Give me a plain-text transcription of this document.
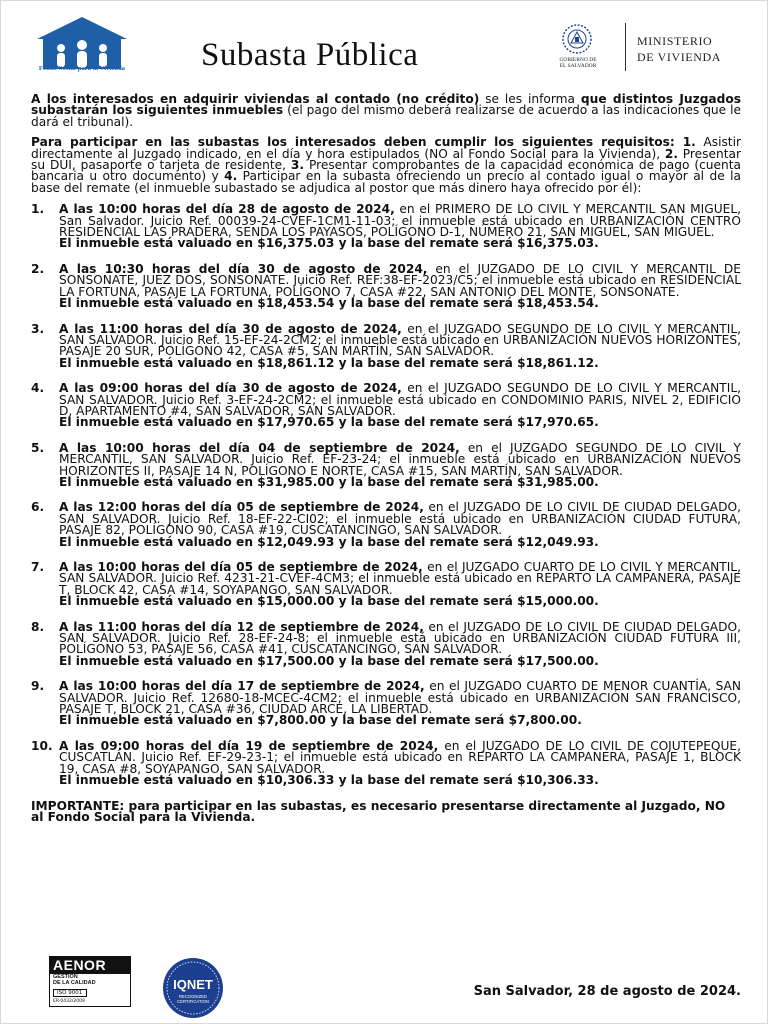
Fondo Social para la Vivienda	Subasta Pública	GOBIERNO DE
EL SALVADOR
MINISTERIO
DE VIVIENDA

A los interesados en adquirir viviendas al contado (no crédito) se les informa que distintos Juzgados subastarán los siguientes inmuebles (el pago del mismo deberá realizarse de acuerdo a las indicaciones que le dará el tribunal).

Para participar en las subastas los interesados deben cumplir los siguientes requisitos: 1. Asistir directamente al Juzgado indicado, en el día y hora estipulados (NO al Fondo Social para la Vivienda), 2. Presentar su DUI, pasaporte o tarjeta de residente, 3. Presentar comprobantes de la capacidad económica de pago (cuenta bancaria u otro documento) y 4. Participar en la subasta ofreciendo un precio al contado igual o mayor al de la base del remate (el inmueble subastado se adjudica al postor que más dinero haya ofrecido por él):

1.	A las 10:00 horas del día 28 de agosto de 2024, en el PRIMERO DE LO CIVIL Y MERCANTIL SAN MIGUEL, San Salvador. Juicio Ref. 00039-24-CVEF-1CM1-11-03; el inmueble está ubicado en URBANIZACIÓN CENTRO RESIDENCIAL LAS PRADERA, SENDA LOS PAYASOS, POLÍGONO D-1, NÚMERO 21, SAN MIGUEL, SAN MIGUEL.
El inmueble está valuado en $16,375.03 y la base del remate será $16,375.03.
2.	A las 10:30 horas del día 30 de agosto de 2024, en el JUZGADO DE LO CIVIL Y MERCANTIL DE SONSONATE, JUEZ DOS, SONSONATE. Juicio Ref. REF:38-EF-2023/C5; el inmueble está ubicado en RESIDENCIAL LA FORTUNA, PASAJE LA FORTUNA, POLÍGONO 7, CASA #22, SAN ANTONIO DEL MONTE, SONSONATE.
El inmueble está valuado en $18,453.54 y la base del remate será $18,453.54.
3.	A las 11:00 horas del día 30 de agosto de 2024, en el JUZGADO SEGUNDO DE LO CIVIL Y MERCANTIL, SAN SALVADOR. Juicio Ref. 15-EF-24-2CM2; el inmueble está ubicado en URBANIZACIÓN NUEVOS HORIZONTES, PASAJE 20 SUR, POLÍGONO 42, CASA #5, SAN MARTÍN, SAN SALVADOR.
El inmueble está valuado en $18,861.12 y la base del remate será $18,861.12.
4.	A las 09:00 horas del día 30 de agosto de 2024, en el JUZGADO SEGUNDO DE LO CIVIL Y MERCANTIL, SAN SALVADOR. Juicio Ref. 3-EF-24-2CM2; el inmueble está ubicado en CONDOMINIO PARIS, NIVEL 2, EDIFICIO D, APARTAMENTO #4, SAN SALVADOR, SAN SALVADOR.
El inmueble está valuado en $17,970.65 y la base del remate será $17,970.65.
5.	A las 10:00 horas del día 04 de septiembre de 2024, en el JUZGADO SEGUNDO DE LO CIVIL Y MERCANTIL, SAN SALVADOR. Juicio Ref. EF-23-24; el inmueble está ubicado en URBANIZACIÓN NUEVOS HORIZONTES II, PASAJE 14 N, POLÍGONO E NORTE, CASA #15, SAN MARTÍN, SAN SALVADOR.
El inmueble está valuado en $31,985.00 y la base del remate será $31,985.00.
6.	A las 12:00 horas del día 05 de septiembre de 2024, en el JUZGADO DE LO CIVIL DE CIUDAD DELGADO, SAN SALVADOR. Juicio Ref. 18-EF-22-CI02; el inmueble está ubicado en URBANIZACIÓN CIUDAD FUTURA, PASAJE 82, POLÍGONO 90, CASA #19, CUSCATANCINGO, SAN SALVADOR.
El inmueble está valuado en $12,049.93 y la base del remate será $12,049.93.
7.	A las 10:00 horas del día 05 de septiembre de 2024, en el JUZGADO CUARTO DE LO CIVIL Y MERCANTIL, SAN SALVADOR. Juicio Ref. 4231-21-CVEF-4CM3; el inmueble está ubicado en REPARTO LA CAMPANERA, PASAJE T, BLOCK 42, CASA #14, SOYAPANGO, SAN SALVADOR.
El inmueble está valuado en $15,000.00 y la base del remate será $15,000.00.
8.	A las 11:00 horas del día 12 de septiembre de 2024, en el JUZGADO DE LO CIVIL DE CIUDAD DELGADO, SAN SALVADOR. Juicio Ref. 28-EF-24-8; el inmueble está ubicado en URBANIZACIÓN CIUDAD FUTURA III, POLÍGONO 53, PASAJE 56, CASA #41, CUSCATANCINGO, SAN SALVADOR.
El inmueble está valuado en $17,500.00 y la base del remate será $17,500.00.
9.	A las 10:00 horas del día 17 de septiembre de 2024, en el JUZGADO CUARTO DE MENOR CUANTÍA, SAN SALVADOR. Juicio Ref. 12680-18-MCEC-4CM2; el inmueble está ubicado en URBANIZACIÓN SAN FRANCISCO, PASAJE T, BLOCK 21, CASA #36, CIUDAD ARCE, LA LIBERTAD.
El inmueble está valuado en $7,800.00 y la base del remate será $7,800.00.
10. A las 09:00 horas del día 19 de septiembre de 2024, en el JUZGADO DE LO CIVIL DE COJUTEPEQUE, CUSCATLÁN. Juicio Ref. EF-29-23-1; el inmueble está ubicado en REPARTO LA CAMPANERA, PASAJE 1, BLOCK 19, CASA #8, SOYAPANGO, SAN SALVADOR.
El inmueble está valuado en $10,306.33 y la base del remate será $10,306.33.

IMPORTANTE: para participar en las subastas, es necesario presentarse directamente al Juzgado, NO al Fondo Social para la Vivienda.

AENOR
GESTIÓN
DE LA CALIDAD
ISO 9001
ER-0432/2009
IQNET
RECOGNIZED
CERTIFICATION
San Salvador, 28 de agosto de 2024.
